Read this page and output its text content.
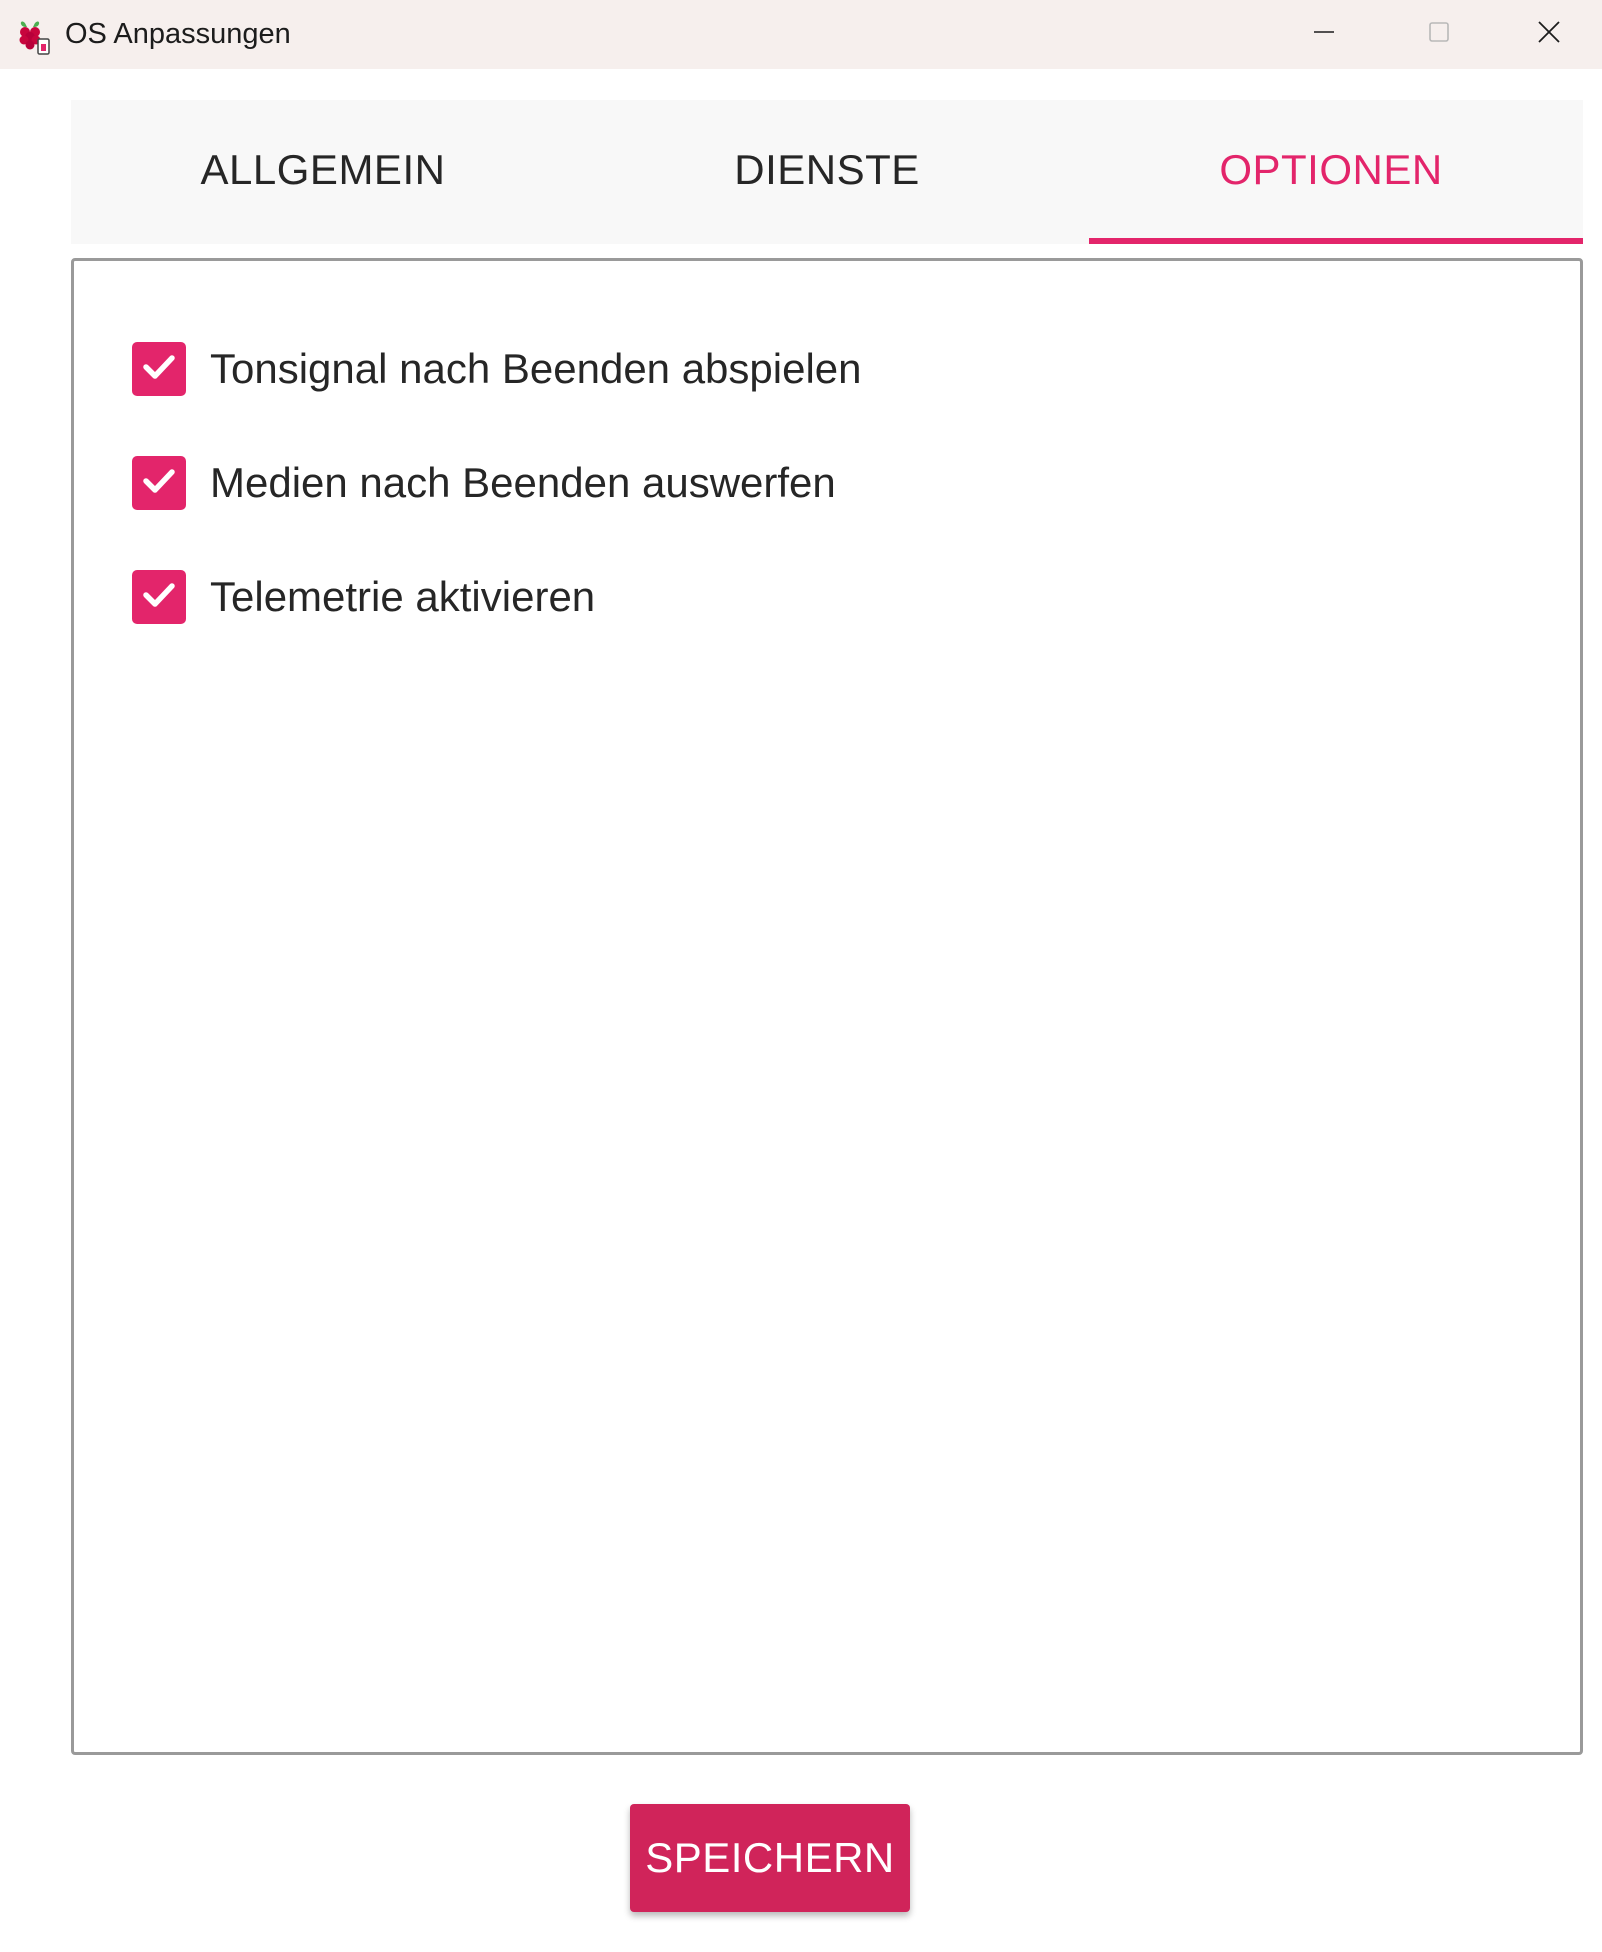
OS Anpassungen
ALLGEMEIN	DIENSTE	OPTIONEN
Tonsignal nach Beenden abspielen
Medien nach Beenden auswerfen
Telemetrie aktivieren
SPEICHERN
